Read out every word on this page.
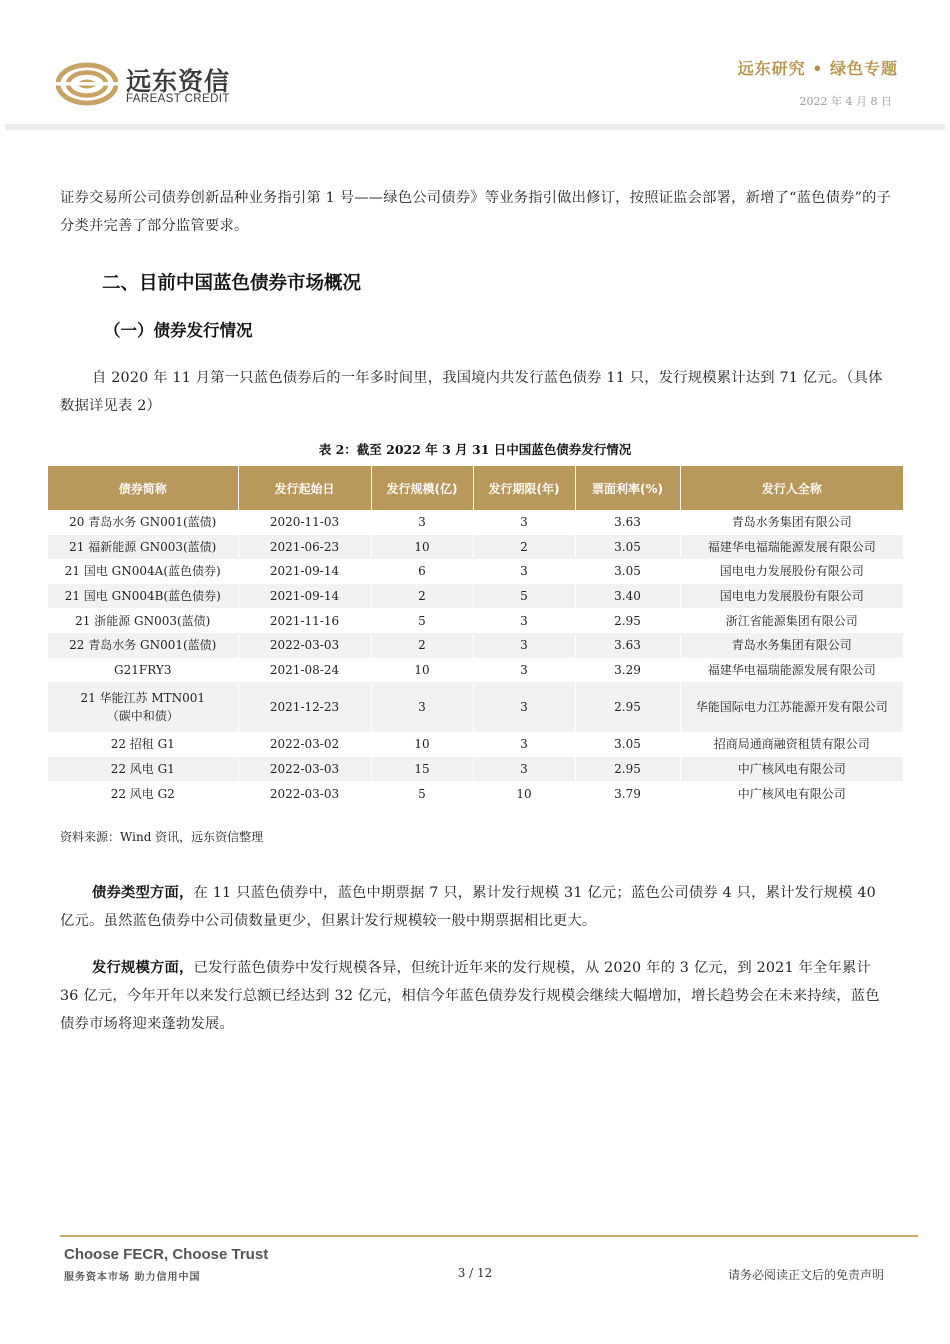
远东资信
FAREAST CREDIT
远东研究 • 绿色专题
2022 年 4 月 8 日

证券交易所公司债券创新品种业务指引第 1 号——绿色公司债券》等业务指引做出修订，按照证监会部署，新增了“蓝色债券”的子分类并完善了部分监管要求。

二、目前中国蓝色债券市场概况
（一）债券发行情况

自 2020 年 11 月第一只蓝色债券后的一年多时间里，我国境内共发行蓝色债券 11 只，发行规模累计达到 71 亿元。（具体数据详见表 2）

表 2：截至 2022 年 3 月 31 日中国蓝色债券发行情况
债券简称	发行起始日	发行规模(亿)	发行期限(年)	票面利率(%)	发行人全称
20 青岛水务 GN001(蓝债)	2020-11-03	3	3	3.63	青岛水务集团有限公司
21 福新能源 GN003(蓝债)	2021-06-23	10	2	3.05	福建华电福瑞能源发展有限公司
21 国电 GN004A(蓝色债券)	2021-09-14	6	3	3.05	国电电力发展股份有限公司
21 国电 GN004B(蓝色债券)	2021-09-14	2	5	3.40	国电电力发展股份有限公司
21 浙能源 GN003(蓝债)	2021-11-16	5	3	2.95	浙江省能源集团有限公司
22 青岛水务 GN001(蓝债)	2022-03-03	2	3	3.63	青岛水务集团有限公司
G21FRY3	2021-08-24	10	3	3.29	福建华电福瑞能源发展有限公司

21 华能江苏 MTN001
（碳中和债）	2021-12-23	3	3	2.95	华能国际电力江苏能源开发有限公司
22 招租 G1	2022-03-02	10	3	3.05	招商局通商融资租赁有限公司
22 风电 G1	2022-03-03	15	3	2.95	中广核风电有限公司
22 风电 G2	2022-03-03	5	10	3.79	中广核风电有限公司
资料来源：Wind 资讯，远东资信整理

债券类型方面，在 11 只蓝色债券中，蓝色中期票据 7 只，累计发行规模 31 亿元；蓝色公司债券 4 只，累计发行规模 40 亿元。虽然蓝色债券中公司债数量更少，但累计发行规模较一般中期票据相比更大。

发行规模方面，已发行蓝色债券中发行规模各异，但统计近年来的发行规模，从 2020 年的 3 亿元，到 2021 年全年累计 36 亿元，今年开年以来发行总额已经达到 32 亿元，相信今年蓝色债券发行规模会继续大幅增加，增长趋势会在未来持续，蓝色债券市场将迎来蓬勃发展。

Choose FECR, Choose Trust
服务资本市场 助力信用中国	3 / 12	请务必阅读正文后的免责声明
